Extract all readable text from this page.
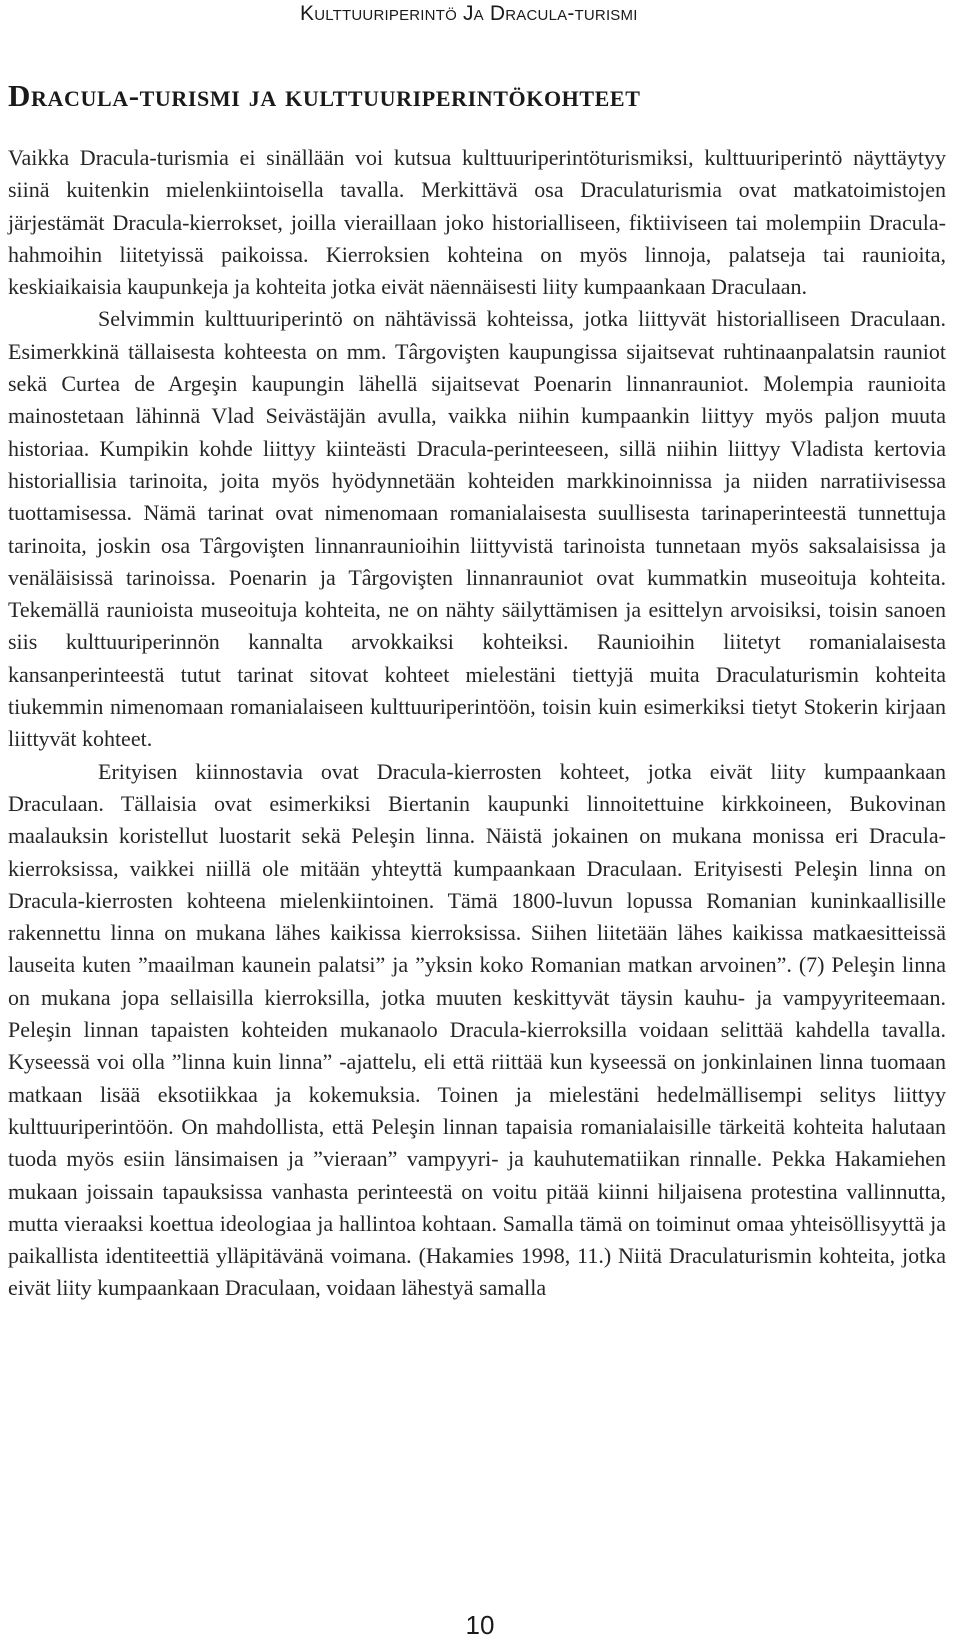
Kulttuuriperintö Ja Dracula-turismi
Dracula-turismi ja kulttuuriperintökohteet

Vaikka Dracula-turismia ei sinällään voi kutsua kulttuuriperintöturismiksi, kulttuuriperintö näyttäytyy siinä kuitenkin mielenkiintoisella tavalla. Merkittävä osa Draculaturismia ovat matkatoimistojen järjestämät Dracula-kierrokset, joilla vieraillaan joko historialliseen, fiktiiviseen tai molempiin Dracula-hahmoihin liitetyissä paikoissa. Kierroksien kohteina on myös linnoja, palatseja tai raunioita, keskiaikaisia kaupunkeja ja kohteita jotka eivät näennäisesti liity kumpaankaan Draculaan.

Selvimmin kulttuuriperintö on nähtävissä kohteissa, jotka liittyvät historialliseen Draculaan. Esimerkkinä tällaisesta kohteesta on mm. Târgovişten kaupungissa sijaitsevat ruhtinaanpalatsin rauniot sekä Curtea de Argeşin kaupungin lähellä sijaitsevat Poenarin linnanrauniot. Molempia raunioita mainostetaan lähinnä Vlad Seivästäjän avulla, vaikka niihin kumpaankin liittyy myös paljon muuta historiaa. Kumpikin kohde liittyy kiinteästi Dracula-perinteeseen, sillä niihin liittyy Vladista kertovia historiallisia tarinoita, joita myös hyödynnetään kohteiden markkinoinnissa ja niiden narratiivisessa tuottamisessa. Nämä tarinat ovat nimenomaan romanialaisesta suullisesta tarinaperinteestä tunnettuja tarinoita, joskin osa Târgovişten linnanraunioihin liittyvistä tarinoista tunnetaan myös saksalaisissa ja venäläisissä tarinoissa. Poenarin ja Târgovişten linnanrauniot ovat kummatkin museoituja kohteita. Tekemällä raunioista museoituja kohteita, ne on nähty säilyttämisen ja esittelyn arvoisiksi, toisin sanoen siis kulttuuriperinnön kannalta arvokkaiksi kohteiksi. Raunioihin liitetyt romanialaisesta kansanperinteestä tutut tarinat sitovat kohteet mielestäni tiettyjä muita Draculaturismin kohteita tiukemmin nimenomaan romanialaiseen kulttuuriperintöön, toisin kuin esimerkiksi tietyt Stokerin kirjaan liittyvät kohteet.

Erityisen kiinnostavia ovat Dracula-kierrosten kohteet, jotka eivät liity kumpaankaan Draculaan. Tällaisia ovat esimerkiksi Biertanin kaupunki linnoitettuine kirkkoineen, Bukovinan maalauksin koristellut luostarit sekä Peleşin linna. Näistä jokainen on mukana monissa eri Dracula-kierroksissa, vaikkei niillä ole mitään yhteyttä kumpaankaan Draculaan. Erityisesti Peleşin linna on Dracula-kierrosten kohteena mielenkiintoinen. Tämä 1800-luvun lopussa Romanian kuninkaallisille rakennettu linna on mukana lähes kaikissa kierroksissa. Siihen liitetään lähes kaikissa matkaesitteissä lauseita kuten ”maailman kaunein palatsi” ja ”yksin koko Romanian matkan arvoinen”. (7) Peleşin linna on mukana jopa sellaisilla kierroksilla, jotka muuten keskittyvät täysin kauhu- ja vampyyriteemaan. Peleşin linnan tapaisten kohteiden mukanaolo Dracula-kierroksilla voidaan selittää kahdella tavalla. Kyseessä voi olla ”linna kuin linna” -ajattelu, eli että riittää kun kyseessä on jonkinlainen linna tuomaan matkaan lisää eksotiikkaa ja kokemuksia. Toinen ja mielestäni hedelmällisempi selitys liittyy kulttuuriperintöön. On mahdollista, että Peleşin linnan tapaisia romanialaisille tärkeitä kohteita halutaan tuoda myös esiin länsimaisen ja ”vieraan” vampyyri- ja kauhutematiikan rinnalle. Pekka Hakamiehen mukaan joissain tapauksissa vanhasta perinteestä on voitu pitää kiinni hiljaisena protestina vallinnutta, mutta vieraaksi koettua ideologiaa ja hallintoa kohtaan. Samalla tämä on toiminut omaa yhteisöllisyyttä ja paikallista identiteettiä ylläpitävänä voimana. (Hakamies 1998, 11.) Niitä Draculaturismin kohteita, jotka eivät liity kumpaankaan Draculaan, voidaan lähestyä samalla

10
